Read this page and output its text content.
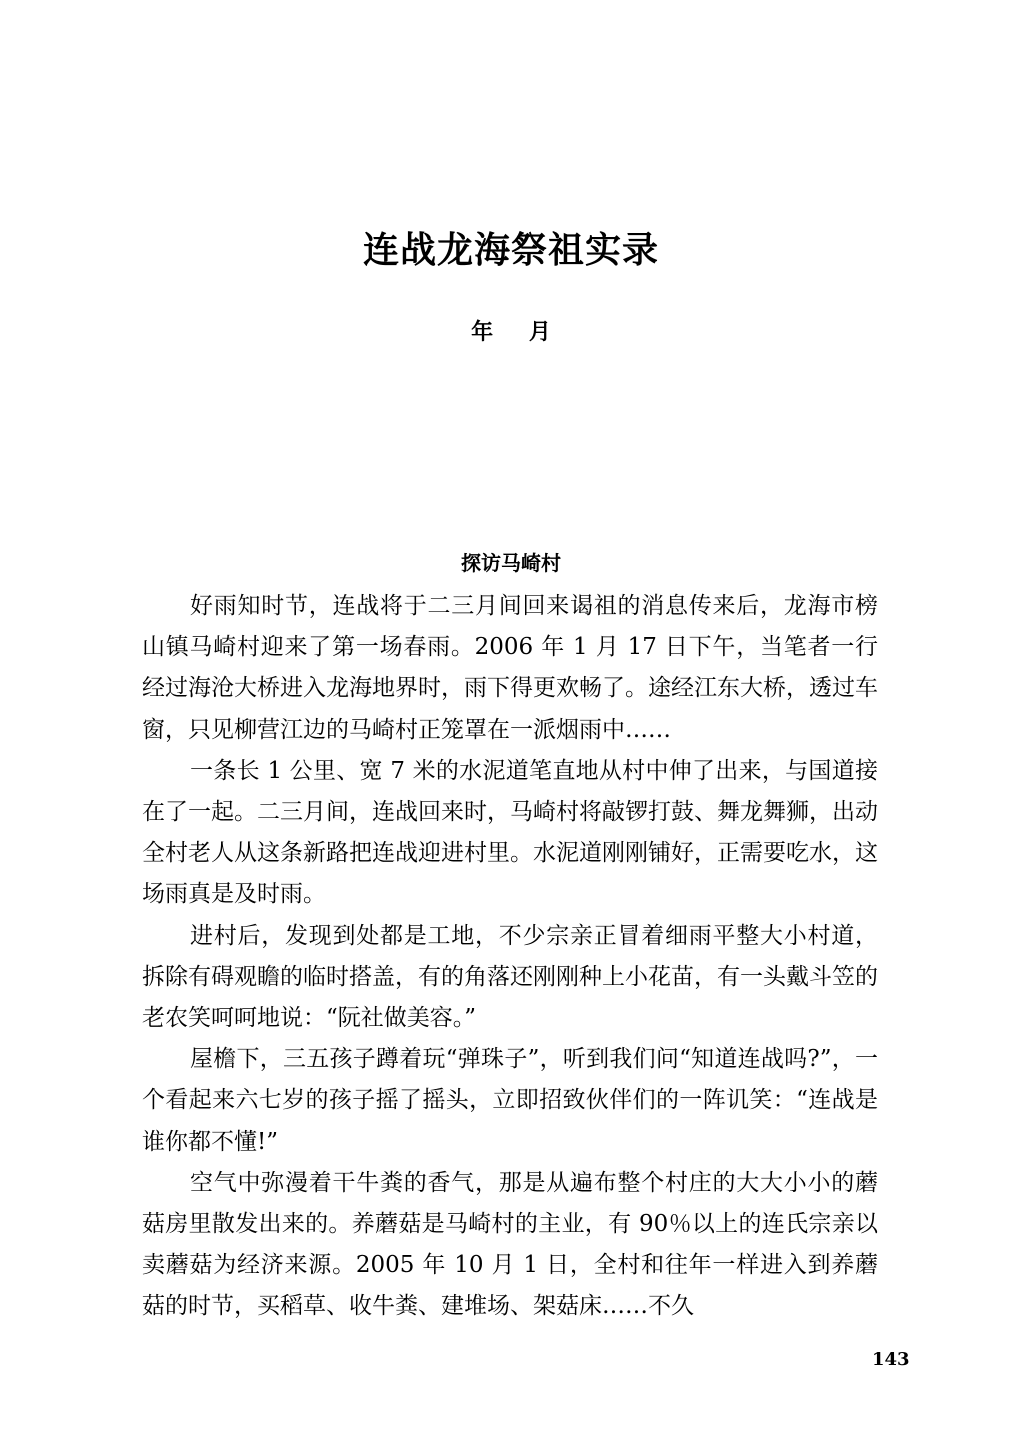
连战龙海祭祖实录
年 月
探访马崎村

好雨知时节，连战将于二三月间回来谒祖的消息传来后，龙海市榜山镇马崎村迎来了第一场春雨。2006 年 1 月 17 日下午，当笔者一行经过海沧大桥进入龙海地界时，雨下得更欢畅了。途经江东大桥，透过车窗，只见柳营江边的马崎村正笼罩在一派烟雨中……

一条长 1 公里、宽 7 米的水泥道笔直地从村中伸了出来，与国道接在了一起。二三月间，连战回来时，马崎村将敲锣打鼓、舞龙舞狮，出动全村老人从这条新路把连战迎进村里。水泥道刚刚铺好，正需要吃水，这场雨真是及时雨。

进村后，发现到处都是工地，不少宗亲正冒着细雨平整大小村道，拆除有碍观瞻的临时搭盖，有的角落还刚刚种上小花苗，有一头戴斗笠的老农笑呵呵地说：“阮社做美容。”

屋檐下，三五孩子蹲着玩“弹珠子”，听到我们问“知道连战吗?”，一个看起来六七岁的孩子摇了摇头，立即招致伙伴们的一阵讥笑：“连战是谁你都不懂!”

空气中弥漫着干牛粪的香气，那是从遍布整个村庄的大大小小的蘑菇房里散发出来的。养蘑菇是马崎村的主业，有 90％以上的连氏宗亲以卖蘑菇为经济来源。2005 年 10 月 1 日，全村和往年一样进入到养蘑菇的时节，买稻草、收牛粪、建堆场、架菇床……不久

143
